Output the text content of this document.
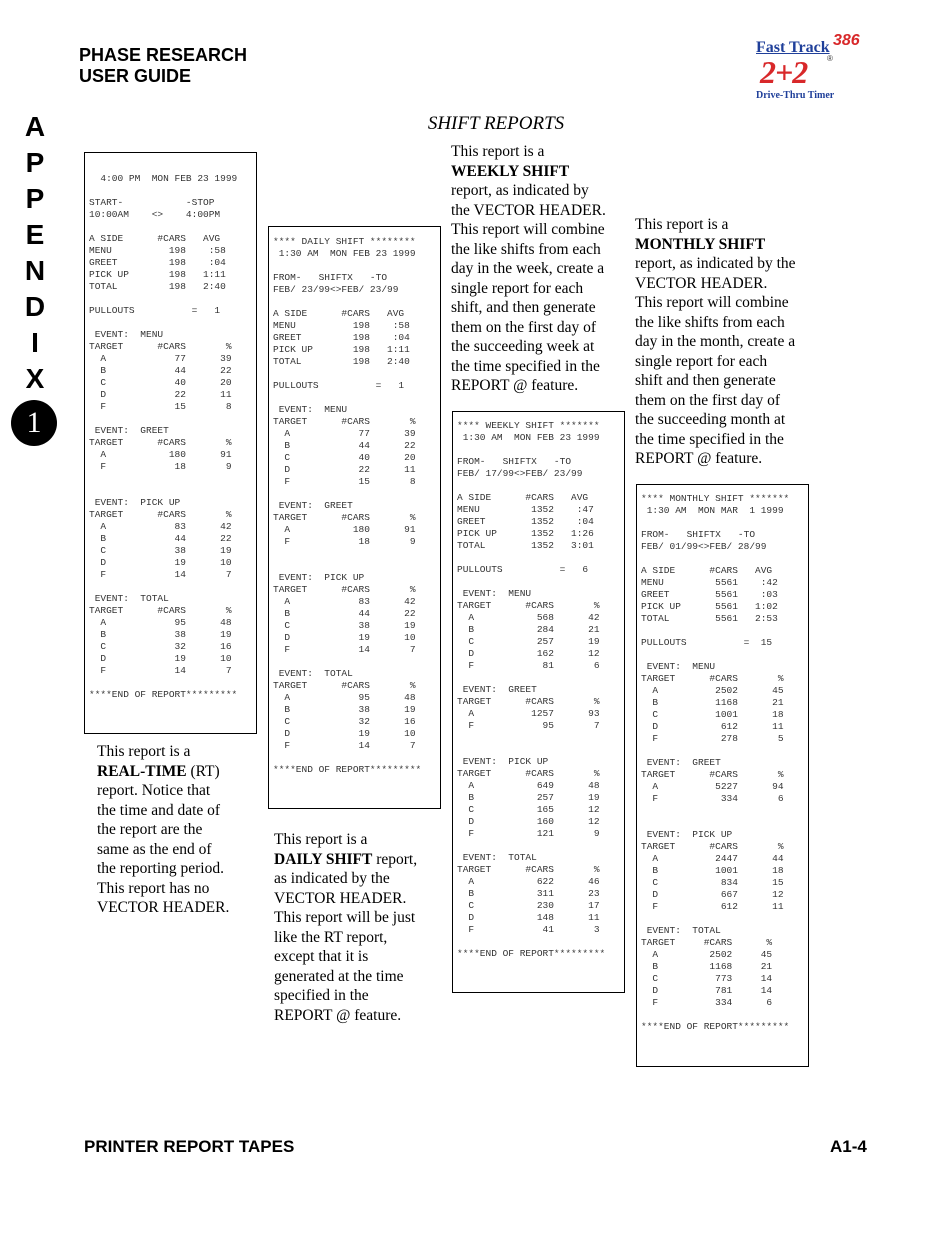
PHASE RESEARCH
USER GUIDE
Fast Track 386
®
2+2
Drive-Thru Timer
A
P
P
E
N
D
I
X
1
SHIFT REPORTS
4:00 PM  MON FEB 23 1999

START-           -STOP
10:00AM    <>    4:00PM

A SIDE      #CARS   AVG
MENU          198    :58
GREET         198    :04
PICK UP       198   1:11
TOTAL         198   2:40

PULLOUTS          =   1

EVENT:  MENU
TARGET      #CARS       %
A            77      39
B            44      22
C            40      20
D            22      11
F            15       8

EVENT:  GREET
TARGET      #CARS       %
A           180      91
F            18       9

EVENT:  PICK UP
TARGET      #CARS       %
A            83      42
B            44      22
C            38      19
D            19      10
F            14       7

EVENT:  TOTAL
TARGET      #CARS       %
A            95      48
B            38      19
C            32      16
D            19      10
F            14       7

****END OF REPORT*********
**** DAILY SHIFT ********
1:30 AM  MON FEB 23 1999

FROM-   SHIFTX   -TO
FEB/ 23/99<>FEB/ 23/99

A SIDE      #CARS   AVG
MENU          198    :58
GREET         198    :04
PICK UP       198   1:11
TOTAL         198   2:40

PULLOUTS          =   1

EVENT:  MENU
TARGET      #CARS       %
A            77      39
B            44      22
C            40      20
D            22      11
F            15       8

EVENT:  GREET
TARGET      #CARS       %
A           180      91
F            18       9

EVENT:  PICK UP
TARGET      #CARS       %
A            83      42
B            44      22
C            38      19
D            19      10
F            14       7

EVENT:  TOTAL
TARGET      #CARS       %
A            95      48
B            38      19
C            32      16
D            19      10
F            14       7

****END OF REPORT*********
**** WEEKLY SHIFT *******
1:30 AM  MON FEB 23 1999

FROM-   SHIFTX   -TO
FEB/ 17/99<>FEB/ 23/99

A SIDE      #CARS   AVG
MENU         1352    :47
GREET        1352    :04
PICK UP      1352   1:26
TOTAL        1352   3:01

PULLOUTS          =   6

EVENT:  MENU
TARGET      #CARS       %
A           568      42
B           284      21
C           257      19
D           162      12
F            81       6

EVENT:  GREET
TARGET      #CARS       %
A          1257      93
F            95       7

EVENT:  PICK UP
TARGET      #CARS       %
A           649      48
B           257      19
C           165      12
D           160      12
F           121       9

EVENT:  TOTAL
TARGET      #CARS       %
A           622      46
B           311      23
C           230      17
D           148      11
F            41       3

****END OF REPORT*********
**** MONTHLY SHIFT *******
1:30 AM  MON MAR  1 1999

FROM-   SHIFTX   -TO
FEB/ 01/99<>FEB/ 28/99

A SIDE      #CARS   AVG
MENU         5561    :42
GREET        5561    :03
PICK UP      5561   1:02
TOTAL        5561   2:53

PULLOUTS          =  15

EVENT:  MENU
TARGET      #CARS       %
A          2502      45
B          1168      21
C          1001      18
D           612      11
F           278       5

EVENT:  GREET
TARGET      #CARS       %
A          5227      94
F           334       6

EVENT:  PICK UP
TARGET      #CARS       %
A          2447      44
B          1001      18
C           834      15
D           667      12
F           612      11

EVENT:  TOTAL
TARGET     #CARS      %
A         2502     45
B         1168     21
C          773     14
D          781     14
F          334      6

****END OF REPORT*********
This report is a
REAL-TIME (RT)
report. Notice that
the time and date of
the report are the
same as the end of
the reporting period.
This report has no
VECTOR HEADER.
This report is a
DAILY SHIFT report,
as indicated by the
VECTOR HEADER.
This report will be just
like the RT report,
except that it is
generated at the time
specified in the
REPORT @ feature.
This report is a
WEEKLY SHIFT
report, as indicated by
the VECTOR HEADER.
This report will combine
the like shifts from each
day in the week, create a
single report for each
shift, and then generate
them on the first day of
the succeeding week at
the time specified in the
REPORT @ feature.
This report is a
MONTHLY SHIFT
report, as indicated by the
VECTOR HEADER.
This report will combine
the like shifts from each
day in the month, create a
single report for each
shift and then generate
them on the first day of
the succeeding month at
the time specified in the
REPORT @ feature.
PRINTER REPORT TAPES	A1-4
